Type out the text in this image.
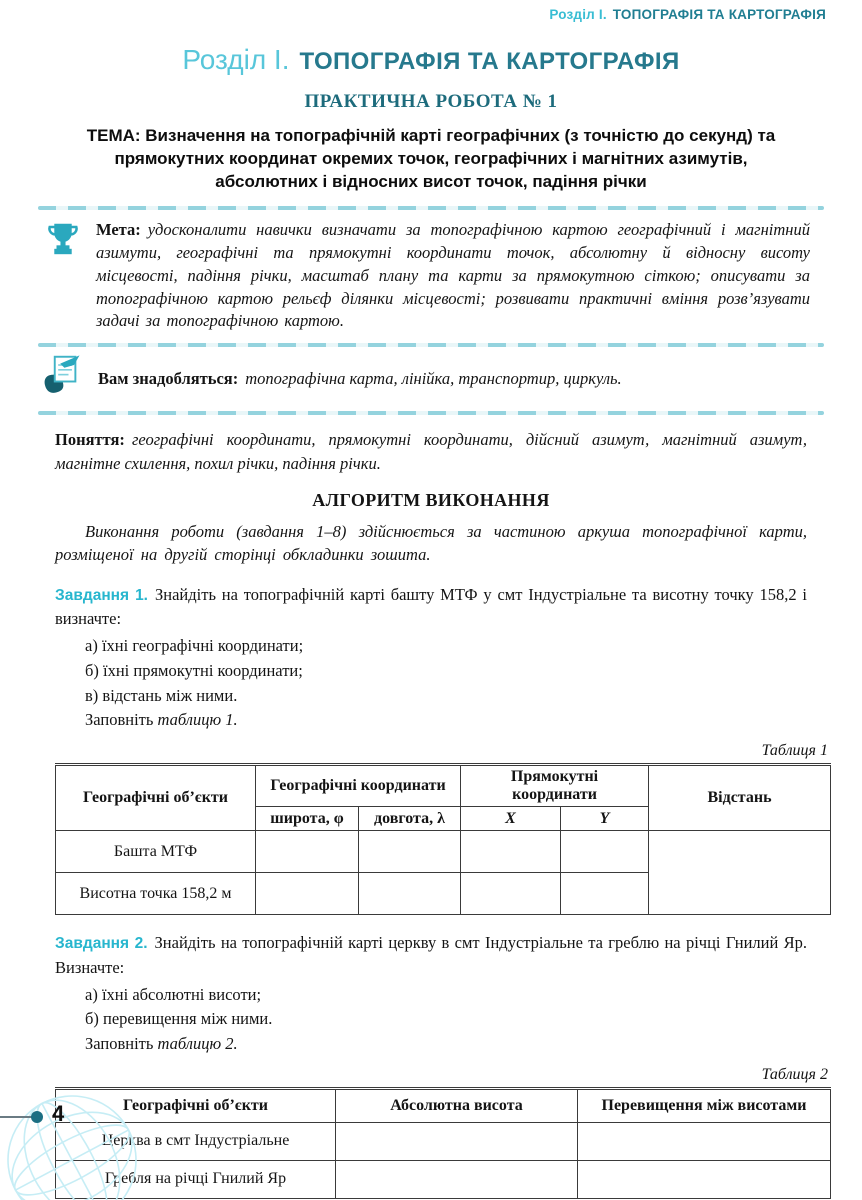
Розділ I. ТОПОГРАФІЯ ТА КАРТОГРАФІЯ
Розділ I. ТОПОГРАФІЯ ТА КАРТОГРАФІЯ
ПРАКТИЧНА РОБОТА № 1
ТЕМА: Визначення на топографічній карті географічних (з точністю до секунд) та прямокутних координат окремих точок, географічних і магнітних азимутів, абсолютних і відносних висот точок, падіння річки
Мета: удосконалити навички визначати за топографічною картою географічний і магнітний азимути, географічні та прямокутні координати точок, абсолютну й відносну висоту місцевості, падіння річки, масштаб плану та карти за прямокутною сіткою; описувати за топографічною картою рельєф ділянки місцевості; розвивати практичні вміння розв’язувати задачі за топографічною картою.
Вам знадобляться: топографічна карта, лінійка, транспортир, циркуль.
Поняття: географічні координати, прямокутні координати, дійсний азимут, магнітний азимут, магнітне схилення, похил річки, падіння річки.
АЛГОРИТМ ВИКОНАННЯ
Виконання роботи (завдання 1–8) здійснюється за частиною аркуша топографічної карти, розміщеної на другій сторінці обкладинки зошита.
Завдання 1. Знайдіть на топографічній карті башту МТФ у смт Індустріальне та висотну точку 158,2 і визначте:
а) їхні географічні координати;
б) їхні прямокутні координати;
в) відстань між ними.
Заповніть таблицю 1.
Таблиця 1
Географічні об’єкти	Географічні координати		Прямокутні координати		Відстань
	широта, φ	довгота, λ	X	Y	
Башта МТФ					
Висотна точка 158,2 м					
Завдання 2. Знайдіть на топографічній карті церкву в смт Індустріальне та греблю на річці Гнилий Яр. Визначте:
а) їхні абсолютні висоти;
б) перевищення між ними.
Заповніть таблицю 2.
Таблиця 2
Географічні об’єкти	Абсолютна висота	Перевищення між висотами
Церква в смт Індустріальне		
Гребля на річці Гнилий Яр		
4
